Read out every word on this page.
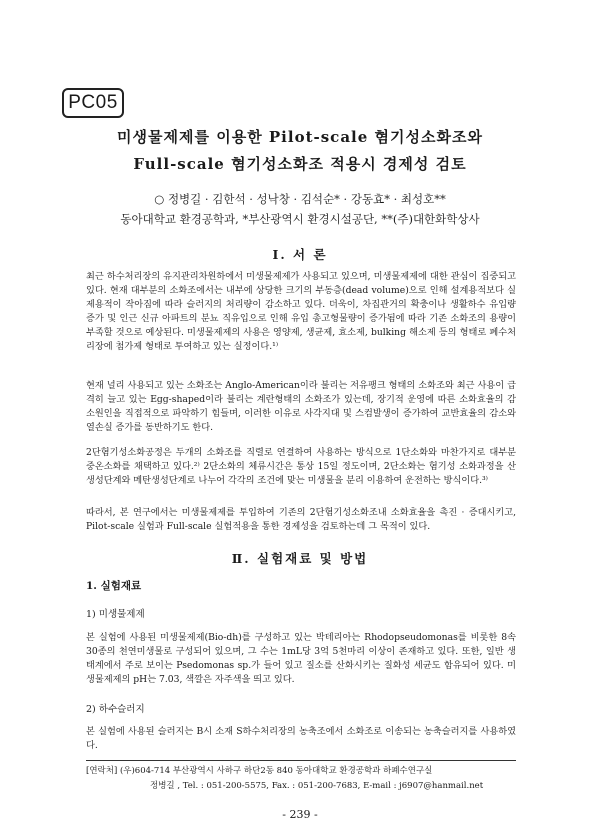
PC05
미생물제제를 이용한 Pilot-scale 혐기성소화조와
Full-scale 혐기성소화조 적용시 경제성 검토
○ 정병길 · 김한석 · 성낙창 · 김석순* · 강동효* · 최성호**
동아대학교 환경공학과, *부산광역시 환경시설공단, **(주)대한화학상사
Ⅰ. 서 론
최근 하수처리장의 유지관리차원하에서 미생물제제가 사용되고 있으며, 미생물제제에 대한 관심이 집중되고 있다. 현재 대부분의 소화조에서는 내부에 상당한 크기의 부동층(dead volume)으로 인해 설계용적보다 실제용적이 작아짐에 따라 슬러지의 처리량이 감소하고 있다. 더욱이, 차집관거의 확충이나 생활하수 유입량 증가 및 인근 신규 아파트의 분뇨 직유입으로 인해 유입 총고형물량이 증가됨에 따라 기존 소화조의 용량이 부족할 것으로 예상된다. 미생물제제의 사용은 영양제, 생균제, 효소제, bulking 해소제 등의 형태로 폐수처리장에 첨가제 형태로 투여하고 있는 실정이다.¹⁾
현재 널리 사용되고 있는 소화조는 Anglo-American이라 불리는 저유팽크 형태의 소화조와 최근 사용이 급격히 늘고 있는 Egg-shaped이라 불리는 계란형태의 소화조가 있는데, 장기적 운영에 따른 소화효율의 감소원인을 직접적으로 파악하기 힘들며, 이러한 이유로 사각지대 및 스컴발생이 증가하여 교반효율의 감소와 열손실 증가를 동반하기도 한다.
2단혐기성소화공정은 두개의 소화조를 직렬로 연결하여 사용하는 방식으로 1단소화와 마찬가지로 대부분 중온소화를 채택하고 있다.²⁾ 2단소화의 체류시간은 통상 15일 정도이며, 2단소화는 혐기성 소화과정을 산생성단계와 메탄생성단계로 나누어 각각의 조건에 맞는 미생물을 분리 이용하여 운전하는 방식이다.³⁾
따라서, 본 연구에서는 미생물제제를 투입하여 기존의 2단혐기성소화조내 소화효율을 촉진 · 증대시키고, Pilot-scale 실험과 Full-scale 실험적용을 통한 경제성을 검토하는데 그 목적이 있다.
Ⅱ. 실험재료 및 방법
1. 실험재료
1) 미생물제제
본 실험에 사용된 미생물제제(Bio-dh)를 구성하고 있는 박테리아는 Rhodopseudomonas를 비롯한 8속 30종의 천연미생물로 구성되어 있으며, 그 수는 1mL당 3억 5천마리 이상이 존재하고 있다. 또한, 일반 생태계에서 주로 보이는 Psedomonas sp.가 들어 있고 질소를 산화시키는 질화성 세균도 함유되어 있다. 미생물제제의 pH는 7.03, 색깔은 자주색을 띄고 있다.
2) 하수슬러지
본 실험에 사용된 슬러지는 B시 소재 S하수처리장의 농축조에서 소화조로 이송되는 농축슬러지를 사용하였다.
[연락처] (우)604-714 부산광역시 사하구 하단2동 840 동아대학교 환경공학과 하폐수연구실
정병길 , Tel. : 051-200-5575, Fax. : 051-200-7683, E-mail : j6907@hanmail.net
- 239 -
